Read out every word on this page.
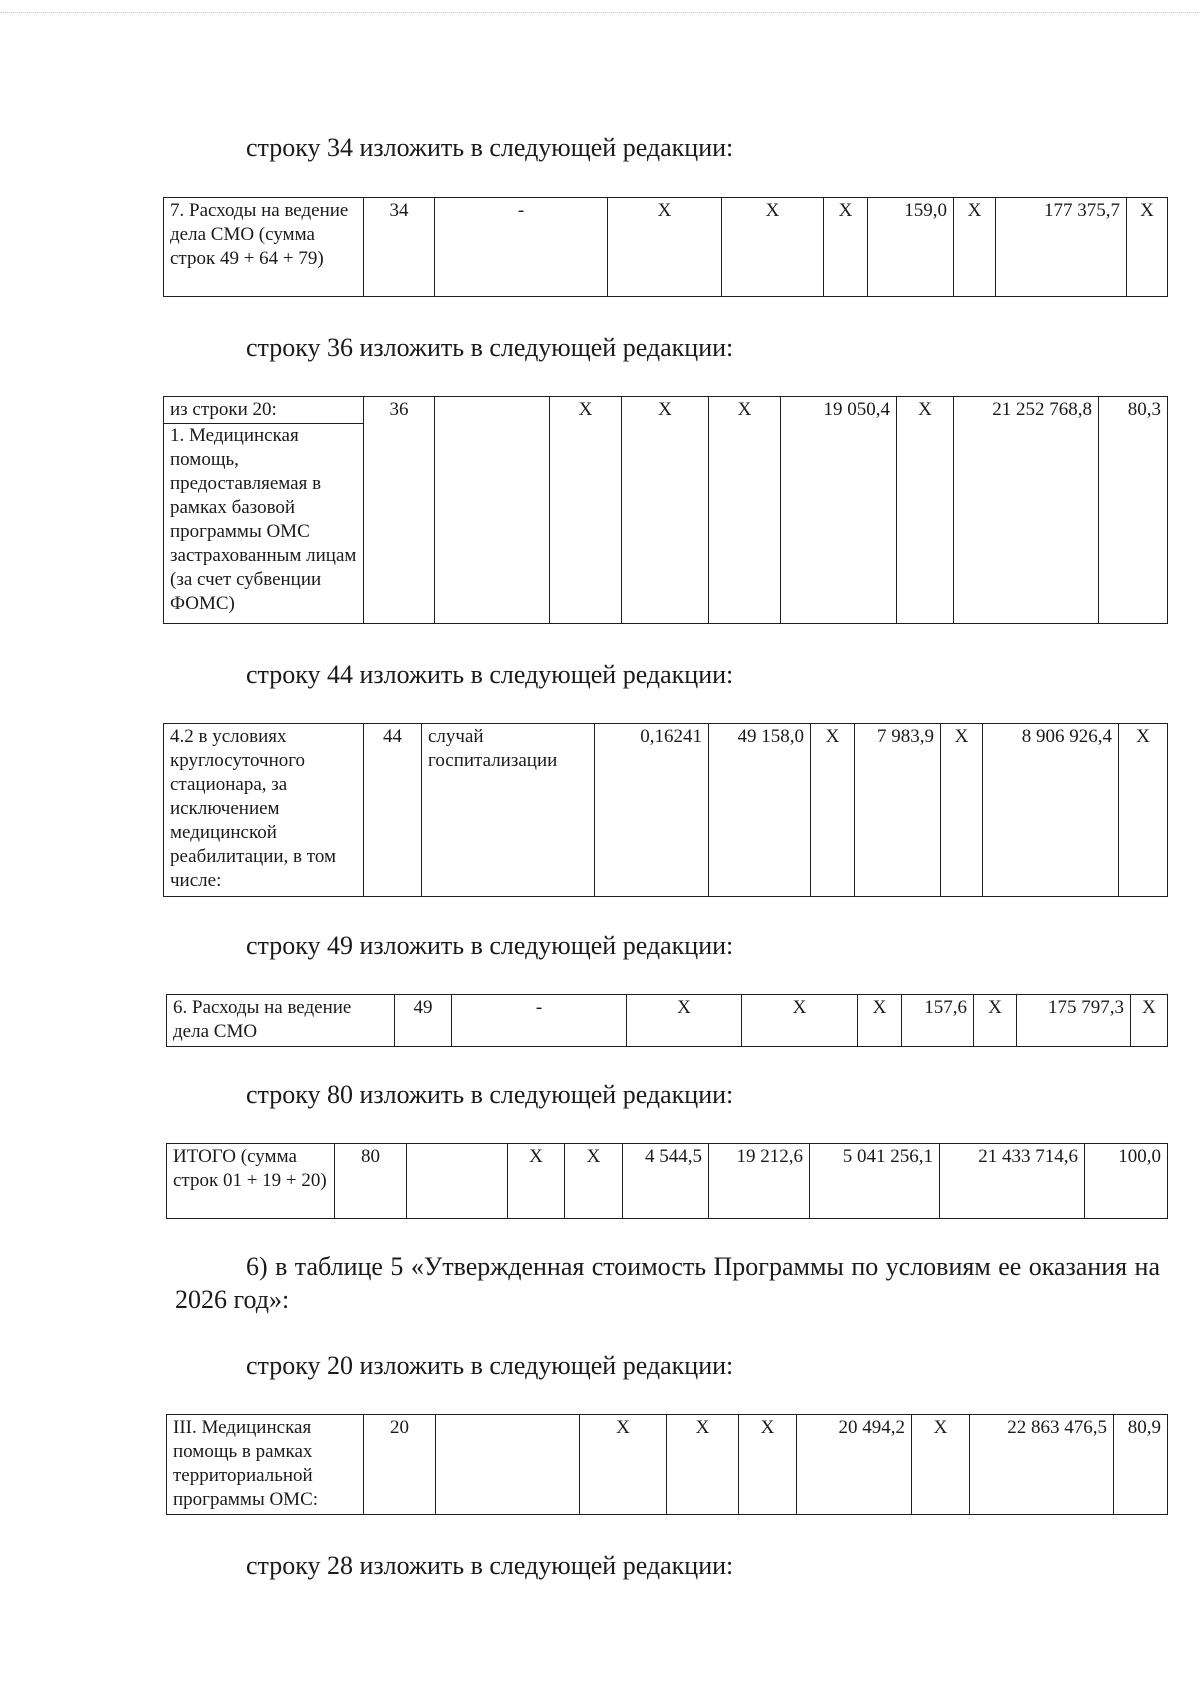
строку 34 изложить в следующей редакции:

7. Расходы на ведение дела СМО (сумма строк 49 + 64 + 79)	34	-	X	X	X	159,0	X	177 375,7	X

строку 36 изложить в следующей редакции:

из строки 20:
1. Медицинская помощь, предоставляемая в рамках базовой программы ОМС застрахованным лицам (за счет субвенции ФОМС)
	36		X	X	X	19 050,4	X	21 252 768,8	80,3

строку 44 изложить в следующей редакции:

4.2 в условиях круглосуточного стационара, за исключением медицинской реабилитации, в том числе:	44	случай госпитализации	0,16241	49 158,0	X	7 983,9	X	8 906 926,4	X

строку 49 изложить в следующей редакции:

6. Расходы на ведение дела СМО	49	-	X	X	X	157,6	X	175 797,3	X

строку 80 изложить в следующей редакции:

ИТОГО (сумма строк 01 + 19 + 20)	80		X	X	4 544,5	19 212,6	5 041 256,1	21 433 714,6	100,0

6) в таблице 5 «Утвержденная стоимость Программы по условиям ее оказания на 2026 год»:

строку 20 изложить в следующей редакции:

III. Медицинская помощь в рамках территориальной программы ОМС:	20		X	X	X	20 494,2	X	22 863 476,5	80,9

строку 28 изложить в следующей редакции:
